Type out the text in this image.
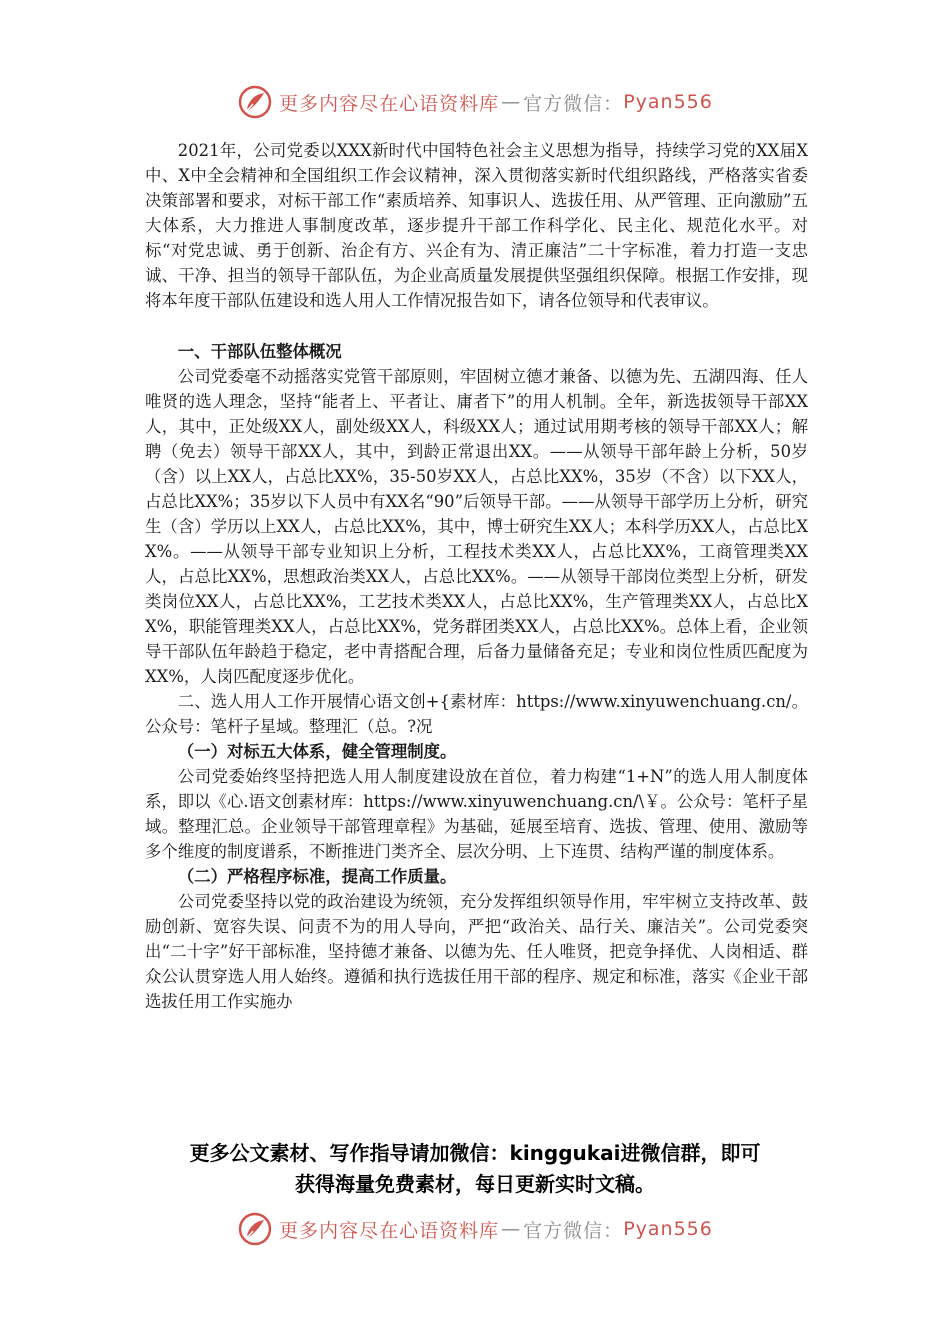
更多内容尽在心语资料库 — 官方微信： Pyan556

2021年，公司党委以XXX新时代中国特色社会主义思想为指导，持续学习党的XX届X中、X中全会精神和全国组织工作会议精神，深入贯彻落实新时代组织路线，严格落实省委决策部署和要求，对标干部工作“素质培养、知事识人、选拔任用、从严管理、正向激励”五大体系，大力推进人事制度改革，逐步提升干部工作科学化、民主化、规范化水平。对标“对党忠诚、勇于创新、治企有方、兴企有为、清正廉洁”二十字标准，着力打造一支忠诚、干净、担当的领导干部队伍，为企业高质量发展提供坚强组织保障。根据工作安排，现将本年度干部队伍建设和选人用人工作情况报告如下，请各位领导和代表审议。

一、干部队伍整体概况

公司党委毫不动摇落实党管干部原则，牢固树立德才兼备、以德为先、五湖四海、任人唯贤的选人理念，坚持“能者上、平者让、庸者下”的用人机制。全年，新选拔领导干部XX人，其中，正处级XX人，副处级XX人，科级XX人；通过试用期考核的领导干部XX人；解聘（免去）领导干部XX人，其中，到龄正常退出XX。——从领导干部年龄上分析，50岁（含）以上XX人，占总比XX%，35-50岁XX人，占总比XX%，35岁（不含）以下XX人，占总比XX%；35岁以下人员中有XX名“90”后领导干部。——从领导干部学历上分析，研究生（含）学历以上XX人，占总比XX%，其中，博士研究生XX人；本科学历XX人，占总比XX%。——从领导干部专业知识上分析，工程技术类XX人，占总比XX%，工商管理类XX人，占总比XX%，思想政治类XX人，占总比XX%。——从领导干部岗位类型上分析，研发类岗位XX人，占总比XX%，工艺技术类XX人，占总比XX%，生产管理类XX人，占总比XX%，职能管理类XX人，占总比XX%，党务群团类XX人，占总比XX%。总体上看，企业领导干部队伍年龄趋于稳定，老中青搭配合理，后备力量储备充足；专业和岗位性质匹配度为XX%，人岗匹配度逐步优化。

二、选人用人工作开展情心语文创+{素材库：https://www.xinyuwenchuang.cn/。公众号：笔杆子星域。整理汇（总。?况

（一）对标五大体系，健全管理制度。

公司党委始终坚持把选人用人制度建设放在首位，着力构建“1+N”的选人用人制度体系，即以《心.语文创素材库：https://www.xinyuwenchuang.cn/\￥。公众号：笔杆子星域。整理汇总。企业领导干部管理章程》为基础，延展至培育、选拔、管理、使用、激励等多个维度的制度谱系，不断推进门类齐全、层次分明、上下连贯、结构严谨的制度体系。

（二）严格程序标准，提高工作质量。

公司党委坚持以党的政治建设为统领，充分发挥组织领导作用，牢牢树立支持改革、鼓励创新、宽容失误、问责不为的用人导向，严把“政治关、品行关、廉洁关”。公司党委突出“二十字”好干部标准，坚持德才兼备、以德为先、任人唯贤，把竞争择优、人岗相适、群众公认贯穿选人用人始终。遵循和执行选拔任用干部的程序、规定和标准，落实《企业干部选拔任用工作实施办

更多公文素材、写作指导请加微信：kinggukai进微信群，即可
获得海量免费素材，每日更新实时文稿。
更多内容尽在心语资料库 — 官方微信： Pyan556
